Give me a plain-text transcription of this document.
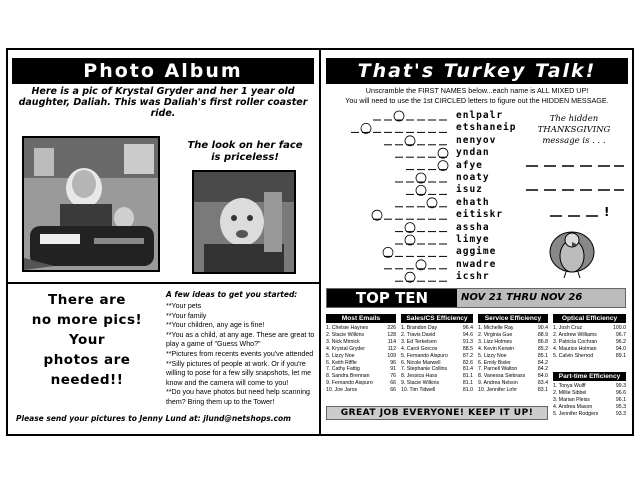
Photo Album
Here is a pic of Krystal Gryder and her 1 year old daughter, Daliah. This was Daliah's first roller coaster ride.
The look on her face is priceless!
There are
no more pics!
Your
photos are
needed!!
A few ideas to get you started:
**Your pets
**Your family
**Your children, any age is fine!
**You as a child, at any age. These are great to play a game of "Guess Who?"
**Pictures from recents events you've attended
**Silly pictures of people at work. Or if you're willing to pose for a few silly snapshots, let me know and the camera will come to you!
**Do you have photos but need help scanning them? Bring them up to the Tower!
Please send your pictures to Jenny Lund at: jlund@netshops.com
That's Turkey Talk!
Unscramble the FIRST NAMES below...each name is ALL MIXED UP!
You will need to use the 1st CIRCLED letters to figure out the HIDDEN MESSAGE.
enlpalr
etshaneip
nenyov
yndan
afye
noaty
isuz
ehath
eitiskr
assha
limye
aggime
nwadre
icshr
The hidden THANKSGIVING message is . . .
!
TOP TEN	NOV 21 THRU NOV 26
Most Emails
1. Chelsie Haynes	226
2. Stacie Wilkins	128
3. Nick Mirnick	114
4. Krystal Gryder	112
5. Lizzy Noe	109
6. Keith Riffle	96
7. Cathy Fattig	91
8. Sandra Brennan	76
9. Fernando Aispuro	66
10. Joe Jaros	66
Sales/CS Efficiency
1. Brandon Day	96.4
2. Travis David	94.6
3. Ed Terkelsen	91.3
4. Carol Gorcos	88.5
5. Fernando Aispuro	87.2
6. Nicole Marwell	82.6
7. Stephanie Collins	81.4
8. Jessica Hass	81.1
9. Stacie Wilkins	81.1
10. Tim Tidwell	81.0
Service Efficiency
1. Michelle Ray	90.4
2. Virginia Gue	88.9
3. Lizz Holmes	86.8
4. Kevin Kerwin	85.2
5. Lizzy Noe	85.1
6. Emily Bixler	84.2
7. Parnell Walton	84.2
8. Vanessa Siebrass 84.0
9. Andrea Nelson	83.4
10. Jennifer Lohr	83.1
Optical Efficiency
1. Josh Cruz	100.0
2. Andrew Williams	96.7
3. Patricia Cochran	96.2
4. Maurice Holman	94.0
5. Calvin Sherrod	89.1
Part-time Efficiency
1. Tonya Wulff	99.3
2. Millie Sibbel	96.6
3. Marian Pleiss	96.1
4. Andrea Mason	95.3
5. Jennifer Rodgers	93.3
GREAT JOB EVERYONE! KEEP IT UP!
